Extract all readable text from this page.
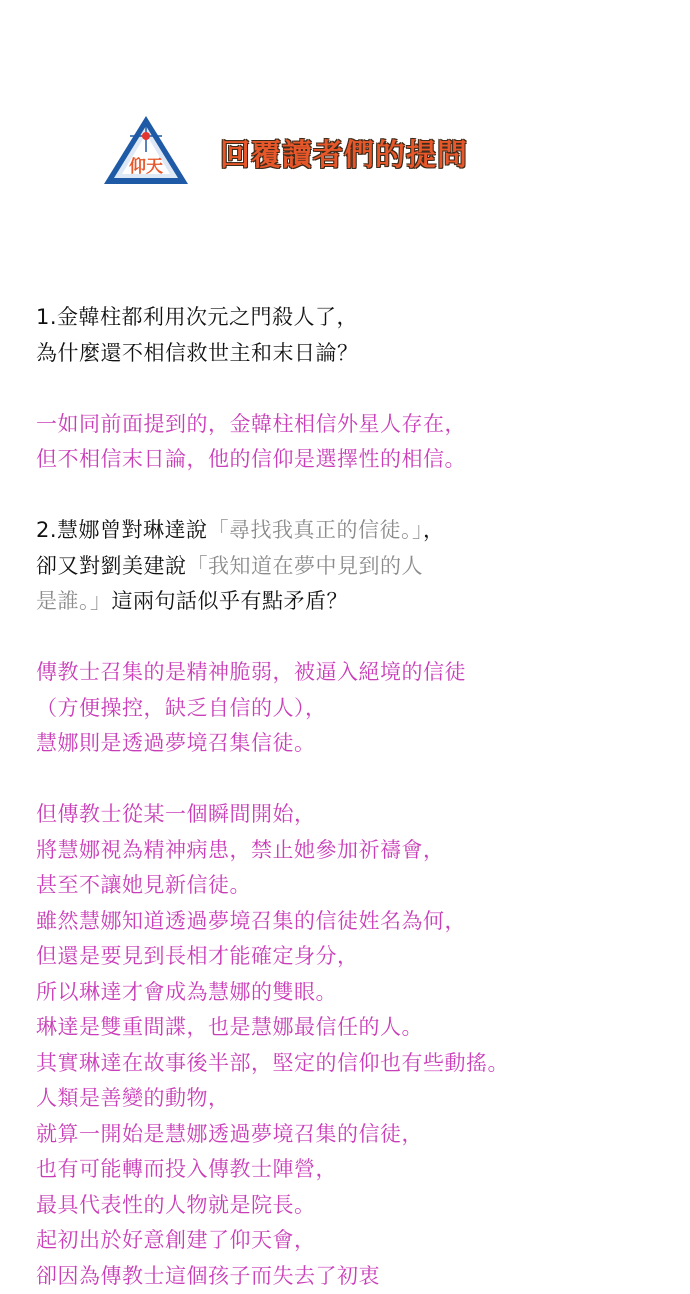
仰天 回覆讀者們的提問
1.金韓柱都利用次元之門殺人了，
為什麼還不相信救世主和末日論？
一如同前面提到的，金韓柱相信外星人存在，
但不相信末日論，他的信仰是選擇性的相信。
2.慧娜曾對琳達說「尋找我真正的信徒。」，
卻又對劉美建說「我知道在夢中見到的人
是誰。」這兩句話似乎有點矛盾？
傳教士召集的是精神脆弱，被逼入絕境的信徒
（方便操控，缺乏自信的人），
慧娜則是透過夢境召集信徒。
但傳教士從某一個瞬間開始，
將慧娜視為精神病患，禁止她參加祈禱會，
甚至不讓她見新信徒。
雖然慧娜知道透過夢境召集的信徒姓名為何，
但還是要見到長相才能確定身分，
所以琳達才會成為慧娜的雙眼。
琳達是雙重間諜，也是慧娜最信任的人。
其實琳達在故事後半部，堅定的信仰也有些動搖。
人類是善變的動物，
就算一開始是慧娜透過夢境召集的信徒，
也有可能轉而投入傳教士陣營，
最具代表性的人物就是院長。
起初出於好意創建了仰天會，
卻因為傳教士這個孩子而失去了初衷
